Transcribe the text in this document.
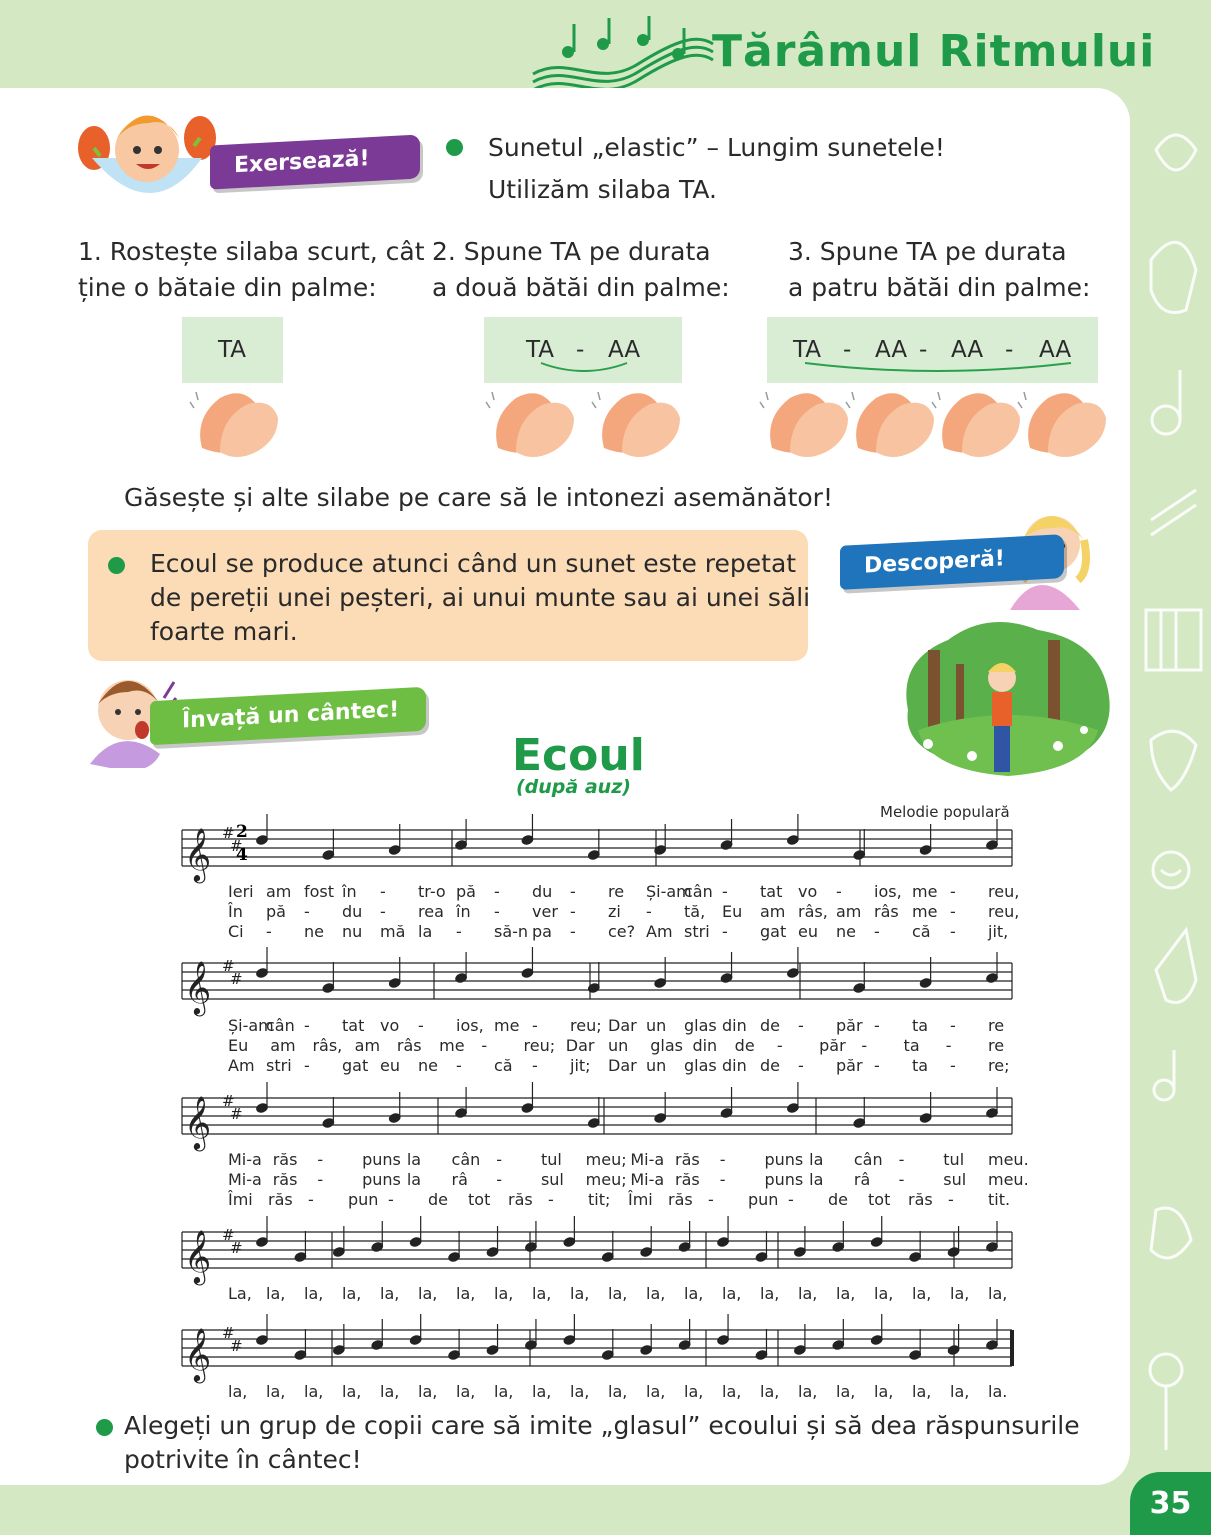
Tărâmul Ritmului
35
Exersează!	Sunetul „elastic” – Lungim sunetele!
Utilizăm silaba TA.
1. Rostește silaba scurt, cât
ține o bătaie din palme:
2. Spune TA pe durata
a două bătăi din palme:
3. Spune TA pe durata
a patru bătăi din palme:
TA	TA - AA	TA - AA - AA - AA
Găsește și alte silabe pe care să le intonezi asemănător!
Ecoul se produce atunci când un sunet este repetat
de pereții unei peșteri, ai unui munte sau ai unei săli
foarte mari.
Descoperă!
Învață un cântec!
Ecoul
(după auz)
Melodie populară
𝄞 #
#
𝄞 #
#
𝄞 #
#
𝄞 #
#
𝄞 #
#
2
4
Ieri am fost în - tr-o pă - du - re Și-am
cân - tat vo - ios, me - reu,
În pă - du - rea în - ver - zi - tă, Eu am râs, am râs me - reu,
Ci - ne nu mă la - să-n pa - ce? Am stri - gat eu ne - că - jit,
Și-am
cân - tat vo - ios, me - reu; Dar un glas din de - păr - ta - re
Eu am râs, am râs me - reu; Dar un glas din de - păr - ta - re
Am stri - gat eu ne - că - jit; Dar un glas din de - păr - ta - re;
Mi-a răs - puns la cân - tul meu; Mi-a răs - puns la cân - tul meu.
Mi-a răs - puns la râ - sul meu; Mi-a răs - puns la râ - sul meu.
Îmi răs - pun - de tot răs - tit; Îmi răs - pun - de tot răs - tit.
La, la, la, la, la, la, la, la, la, la, la, la, la, la, la, la, la, la, la, la, la,
la, la, la, la, la, la, la, la, la, la, la, la, la, la, la, la, la, la, la, la, la.
Alegeți un grup de copii care să imite „glasul” ecoului și să dea răspunsurile
potrivite în cântec!
